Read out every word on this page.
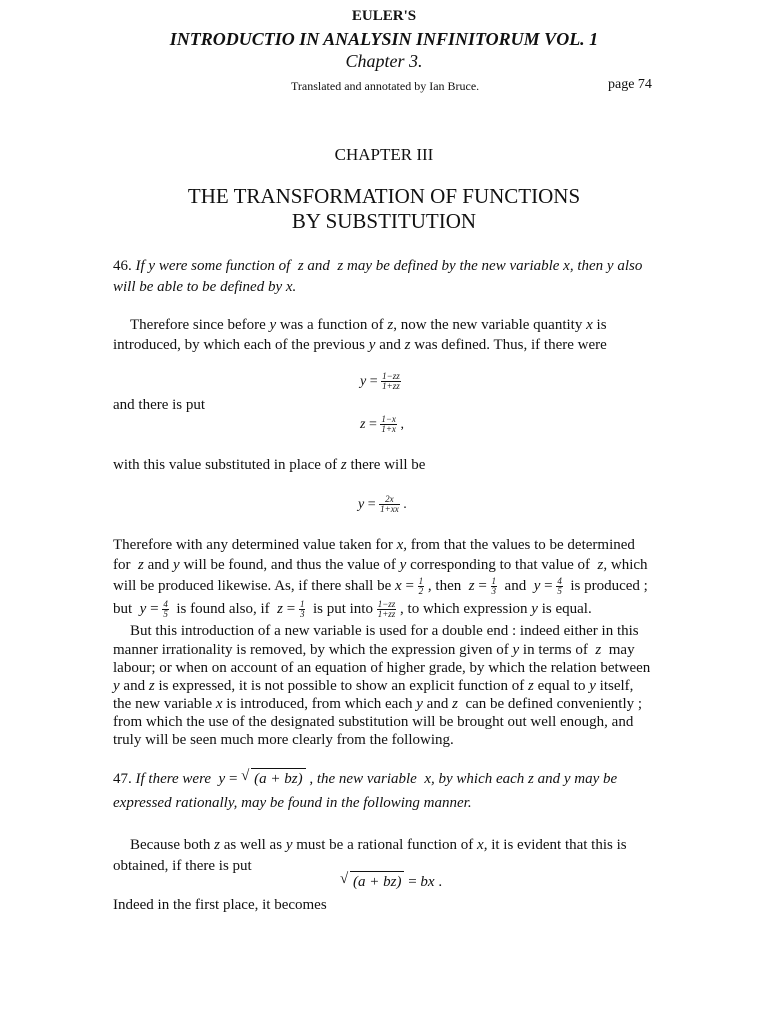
EULER'S
INTRODUCTIO IN ANALYSIN INFINITORUM VOL. 1
Chapter 3.
Translated and annotated by Ian Bruce.	page 74
CHAPTER III
THE TRANSFORMATION OF FUNCTIONS
BY SUBSTITUTION
46. If y were some function of  z and  z may be defined by the new variable x, then y also
will be able to be defined by x.
Therefore since before y was a function of z, now the new variable quantity x is
introduced, by which each of the previous y and z was defined. Thus, if there were
$y = \frac{1-zz}{1+zz}$
and there is put
$z = \frac{1-x}{1+x}$ ,
with this value substituted in place of z there will be
$y = \frac{2x}{1+xx}$ .
Therefore with any determined value taken for x, from that the values to be determined
for  z and y will be found, and thus the value of y corresponding to that value of  z, which
will be produced likewise. As, if there shall be $x = \frac{1}{2}$ , then  $z = \frac{1}{3}$ and  $y = \frac{4}{5}$ is produced ;
but  $y = \frac{4}{5}$ is found also, if  $z = \frac{1}{3}$ is put into $\frac{1-zz}{1+zz}$ , to which expression y is equal.
But this introduction of a new variable is used for a double end : indeed either in this
manner irrationality is removed, by which the expression given of y in terms of  z  may
labour; or when on account of an equation of higher grade, by which the relation between
y and z is expressed, it is not possible to show an explicit function of z equal to y itself,
the new variable x is introduced, from which each y and z  can be defined conveniently ;
from which the use of the designated substitution will be brought out well enough, and
truly will be seen much more clearly from the following.
47. If there were  y = √ (a + bz) , the new variable  x, by which each z and y may be
expressed rationally, may be found in the following manner.
Because both z as well as y must be a rational function of x, it is evident that this is
obtained, if there is put
√ (a + bz) = bx .
Indeed in the first place, it becomes
